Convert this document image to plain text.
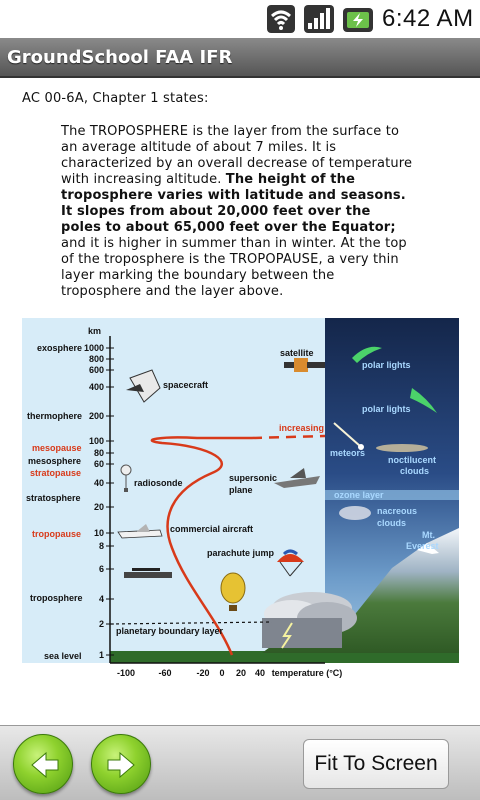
6:42 AM
GroundSchool FAA IFR
AC 00-6A, Chapter 1 states:
The TROPOSPHERE is the layer from the surface to an average altitude of about 7 miles. It is characterized by an overall decrease of temperature with increasing altitude. The height of the troposphere varies with latitude and seasons. It slopes from about 20,000 feet over the poles to about 65,000 feet over the Equator; and it is higher in summer than in winter. At the top of the troposphere is the TROPOPAUSE, a very thin layer marking the boundary between the troposphere and the layer above.
km
1000
800
600
400
200
100
80
60
40
20
10
8
6
4
2
1
exosphere
thermophere
mesopause
mesosphere
stratopause
stratosphere
tropopause
troposphere
sea level
-100	-60	-20 0 20 40 temperature (°C)
spacecraft
satellite
increasing
radiosonde	supersonic
plane
commercial aircraft
parachute jump
planetary boundary layer
polar lights
polar lights
meteors
noctilucent
clouds
ozone layer
nacreous
clouds
Mt.
Everest
Fit To Screen
